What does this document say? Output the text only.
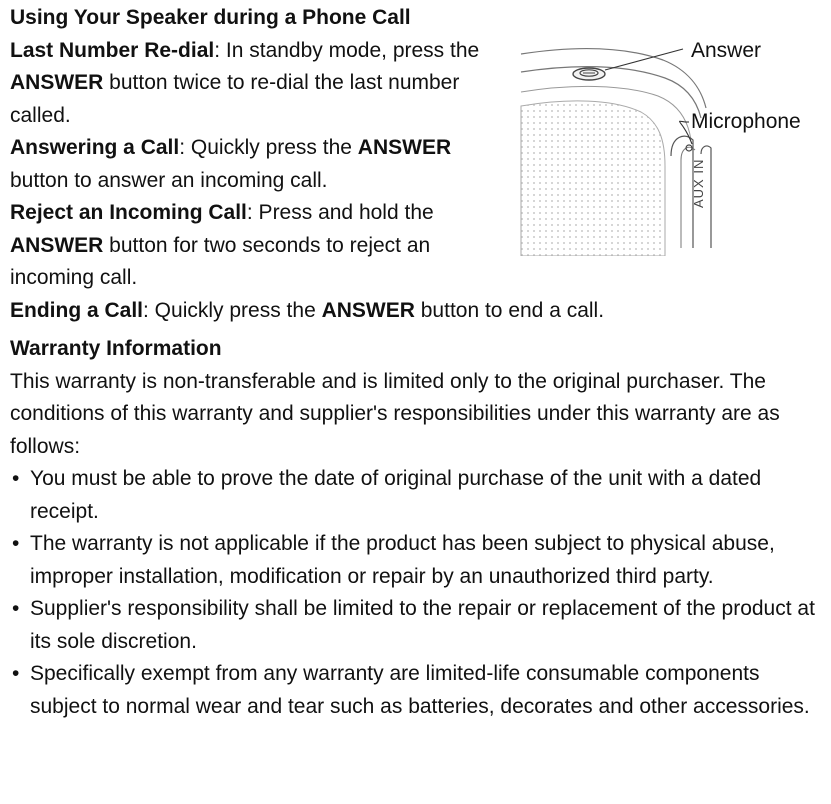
Answer
Microphone
AUX IN
Using Your Speaker during a Phone Call
Last Number Re-dial: In standby mode, press the ANSWER button twice to re-dial the last number called.
Answering a Call: Quickly press the ANSWER button to answer an incoming call.
Reject an Incoming Call: Press and hold the ANSWER button for two seconds to reject an incoming call.
Ending a Call: Quickly press the ANSWER button to end a call.
Warranty Information
This warranty is non-transferable and is limited only to the original purchaser. The conditions of this warranty and supplier's responsibilities under this warranty are as follows:
• You must be able to prove the date of original purchase of the unit with a dated receipt.
• The warranty is not applicable if the product has been subject to physical abuse, improper installation, modification or repair by an unauthorized third party.
• Supplier's responsibility shall be limited to the repair or replacement of the product at its sole discretion.
• Specifically exempt from any warranty are limited-life consumable components subject to normal wear and tear such as batteries, decorates and other accessories.
